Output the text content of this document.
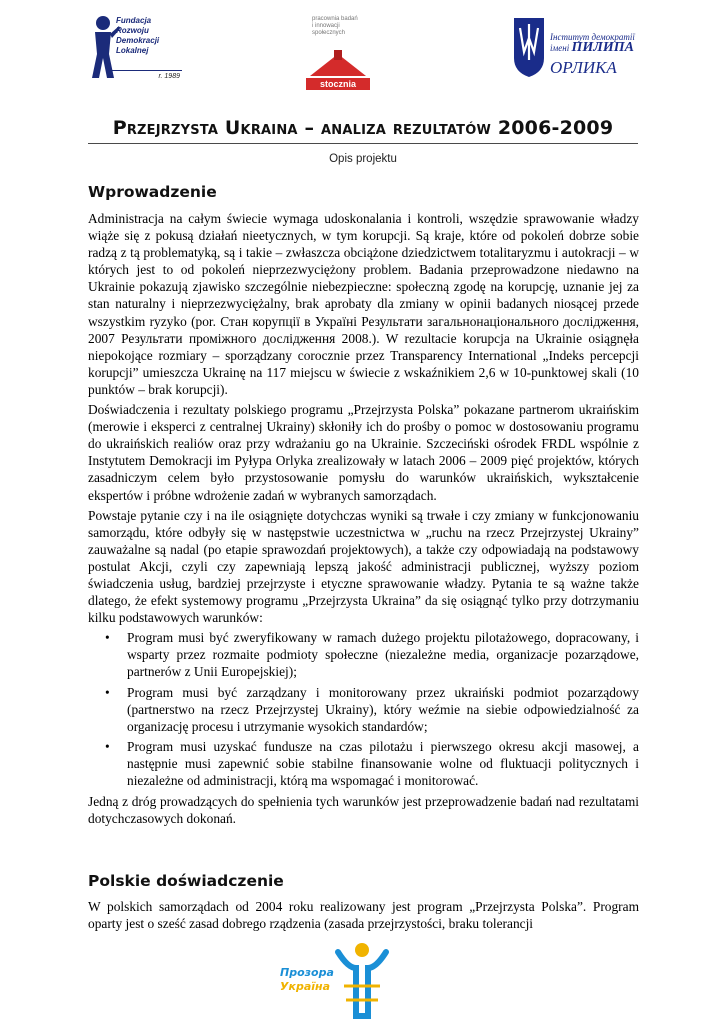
Fundacja Rozwoju
Demokracji Lokalnej
r. 1989
pracownia badań
i innowacji
społecznych
stocznia
Інститут демократії
імені ПИЛИПА
ОРЛИКА
Przejrzysta Ukraina – analiza rezultatów 2006-2009
Opis projektu
Wprowadzenie

Administracja na całym świecie wymaga udoskonalania i kontroli, wszędzie sprawowanie władzy wiąże się z pokusą działań nieetycznych, w tym korupcji. Są kraje, które od pokoleń dobrze sobie radzą z tą problematyką, są i takie – zwłaszcza obciążone dziedzictwem totalitaryzmu i autokracji – w których jest to od pokoleń nieprzezwyciężony problem. Badania przeprowadzone niedawno na Ukrainie pokazują zjawisko szczególnie niebezpieczne: społeczną zgodę na korupcję, uznanie jej za stan naturalny i nieprzezwyciężalny, brak aprobaty dla zmiany w opinii badanych niosącej przede wszystkim ryzyko (por. Стан корупції в Україні Результати загальнонаціонального дослідження, 2007 Результати проміжного дослідження 2008.). W rezultacie korupcja na Ukrainie osiągnęła niepokojące rozmiary – sporządzany corocznie przez Transparency International „Indeks percepcji korupcji” umieszcza Ukrainę na 117 miejscu w świecie z wskaźnikiem 2,6 w 10-punktowej skali (10 punktów – brak korupcji).

Doświadczenia i rezultaty polskiego programu „Przejrzysta Polska” pokazane partnerom ukraińskim (merowie i eksperci z centralnej Ukrainy) skłoniły ich do prośby o pomoc w dostosowaniu programu do ukraińskich realiów oraz przy wdrażaniu go na Ukrainie. Szczeciński ośrodek FRDL wspólnie z Instytutem Demokracji im Pyłypa Orlyka zrealizowały w latach 2006 – 2009 pięć projektów, których zasadniczym celem było przystosowanie pomysłu do warunków ukraińskich, wykształcenie ekspertów i próbne wdrożenie zadań w wybranych samorządach.

Powstaje pytanie czy i na ile osiągnięte dotychczas wyniki są trwałe i czy zmiany w funkcjonowaniu samorządu, które odbyły się w następstwie uczestnictwa w „ruchu na rzecz Przejrzystej Ukrainy” zauważalne są nadal (po etapie sprawozdań projektowych), a także czy odpowiadają na podstawowy postulat Akcji, czyli czy zapewniają lepszą jakość administracji publicznej, wyższy poziom świadczenia usług, bardziej przejrzyste i etyczne sprawowanie władzy. Pytania te są ważne także dlatego, że efekt systemowy programu „Przejrzysta Ukraina” da się osiągnąć tylko przy dotrzymaniu kilku podstawowych warunków:

• Program musi być zweryfikowany w ramach dużego projektu pilotażowego, dopracowany, i wsparty przez rozmaite podmioty społeczne (niezależne media, organizacje pozarządowe, partnerów z Unii Europejskiej);
• Program musi być zarządzany i monitorowany przez ukraiński podmiot pozarządowy (partnerstwo na rzecz Przejrzystej Ukrainy), który weźmie na siebie odpowiedzialność za organizację procesu i utrzymanie wysokich standardów;
• Program musi uzyskać fundusze na czas pilotażu i pierwszego okresu akcji masowej, a następnie musi zapewnić sobie stabilne finansowanie wolne od fluktuacji politycznych i niezależne od administracji, którą ma wspomagać i monitorować.

Jedną z dróg prowadzących do spełnienia tych warunków jest przeprowadzenie badań nad rezultatami dotychczasowych dokonań.

Polskie doświadczenie

W polskich samorządach od 2004 roku realizowany jest program „Przejrzysta Polska”. Program oparty jest o sześć zasad dobrego rządzenia (zasada przejrzystości, braku tolerancji

Прозора
Україна
